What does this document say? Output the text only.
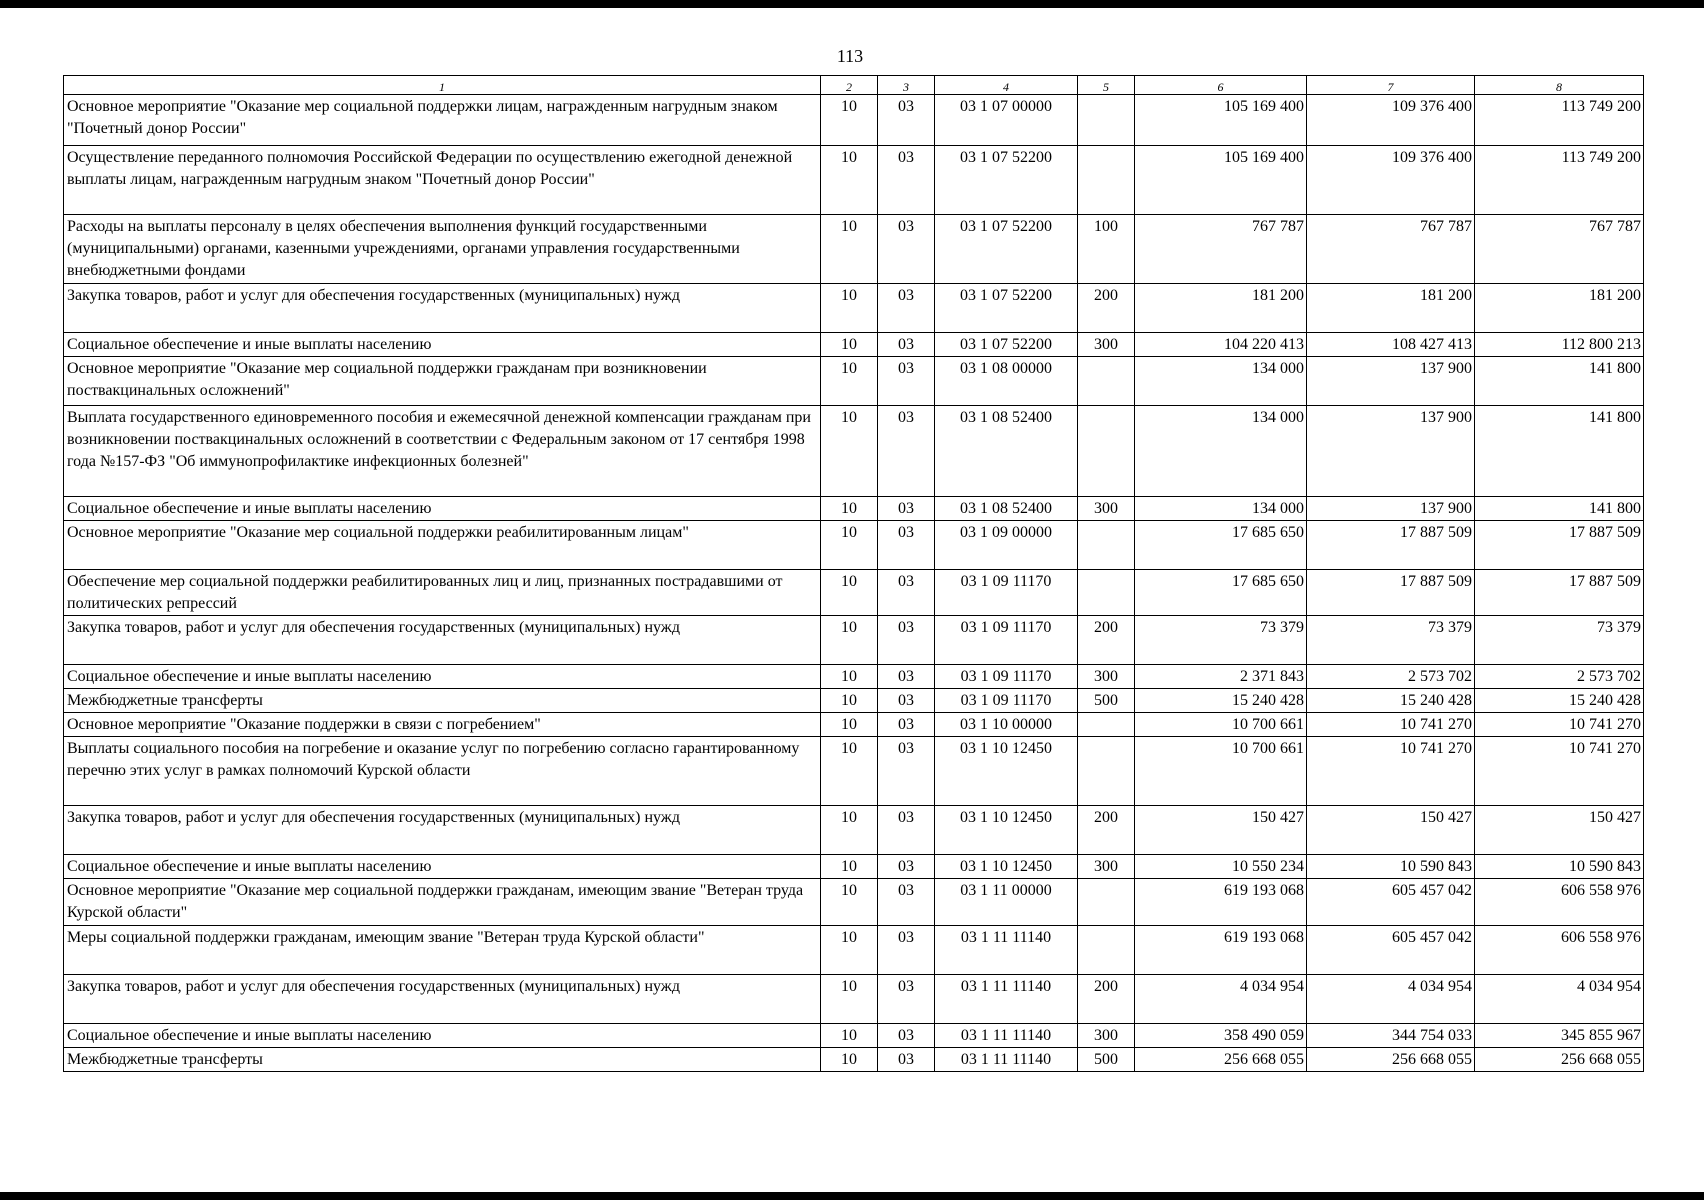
113
1	2	3	4	5	6	7	8
Основное мероприятие "Оказание мер социальной поддержки лицам, награжденным нагрудным знаком "Почетный донор России"	10	03	03 1 07 00000		105 169 400	109 376 400	113 749 200
Осуществление переданного полномочия Российской Федерации по осуществлению ежегодной денежной выплаты лицам, награжденным нагрудным знаком "Почетный донор России"	10	03	03 1 07 52200		105 169 400	109 376 400	113 749 200
Расходы на выплаты персоналу в целях обеспечения выполнения функций государственными (муниципальными) органами, казенными учреждениями, органами управления государственными внебюджетными фондами	10	03	03 1 07 52200	100	767 787	767 787	767 787
Закупка товаров, работ и услуг для обеспечения государственных (муниципальных) нужд	10	03	03 1 07 52200	200	181 200	181 200	181 200
Социальное обеспечение и иные выплаты населению	10	03	03 1 07 52200	300	104 220 413	108 427 413	112 800 213
Основное мероприятие "Оказание мер социальной поддержки гражданам при возникновении поствакцинальных осложнений"	10	03	03 1 08 00000		134 000	137 900	141 800
Выплата государственного единовременного пособия и ежемесячной денежной компенсации гражданам при возникновении поствакцинальных осложнений в соответствии с Федеральным законом от 17 сентября 1998 года №157-ФЗ "Об иммунопрофилактике инфекционных болезней"	10	03	03 1 08 52400		134 000	137 900	141 800
Социальное обеспечение и иные выплаты населению	10	03	03 1 08 52400	300	134 000	137 900	141 800
Основное мероприятие "Оказание мер социальной поддержки реабилитированным лицам"	10	03	03 1 09 00000		17 685 650	17 887 509	17 887 509
Обеспечение мер социальной поддержки реабилитированных лиц и лиц, признанных пострадавшими от политических репрессий	10	03	03 1 09 11170		17 685 650	17 887 509	17 887 509
Закупка товаров, работ и услуг для обеспечения государственных (муниципальных) нужд	10	03	03 1 09 11170	200	73 379	73 379	73 379
Социальное обеспечение и иные выплаты населению	10	03	03 1 09 11170	300	2 371 843	2 573 702	2 573 702
Межбюджетные трансферты	10	03	03 1 09 11170	500	15 240 428	15 240 428	15 240 428
Основное мероприятие "Оказание поддержки в связи с погребением"	10	03	03 1 10 00000		10 700 661	10 741 270	10 741 270
Выплаты социального пособия на погребение и оказание услуг по погребению согласно гарантированному перечню этих услуг в рамках полномочий Курской области	10	03	03 1 10 12450		10 700 661	10 741 270	10 741 270
Закупка товаров, работ и услуг для обеспечения государственных (муниципальных) нужд	10	03	03 1 10 12450	200	150 427	150 427	150 427
Социальное обеспечение и иные выплаты населению	10	03	03 1 10 12450	300	10 550 234	10 590 843	10 590 843
Основное мероприятие "Оказание мер социальной поддержки гражданам, имеющим звание "Ветеран труда Курской области"	10	03	03 1 11 00000		619 193 068	605 457 042	606 558 976
Меры социальной поддержки гражданам, имеющим звание "Ветеран труда Курской области"	10	03	03 1 11 11140		619 193 068	605 457 042	606 558 976
Закупка товаров, работ и услуг для обеспечения государственных (муниципальных) нужд	10	03	03 1 11 11140	200	4 034 954	4 034 954	4 034 954
Социальное обеспечение и иные выплаты населению	10	03	03 1 11 11140	300	358 490 059	344 754 033	345 855 967
Межбюджетные трансферты	10	03	03 1 11 11140	500	256 668 055	256 668 055	256 668 055
